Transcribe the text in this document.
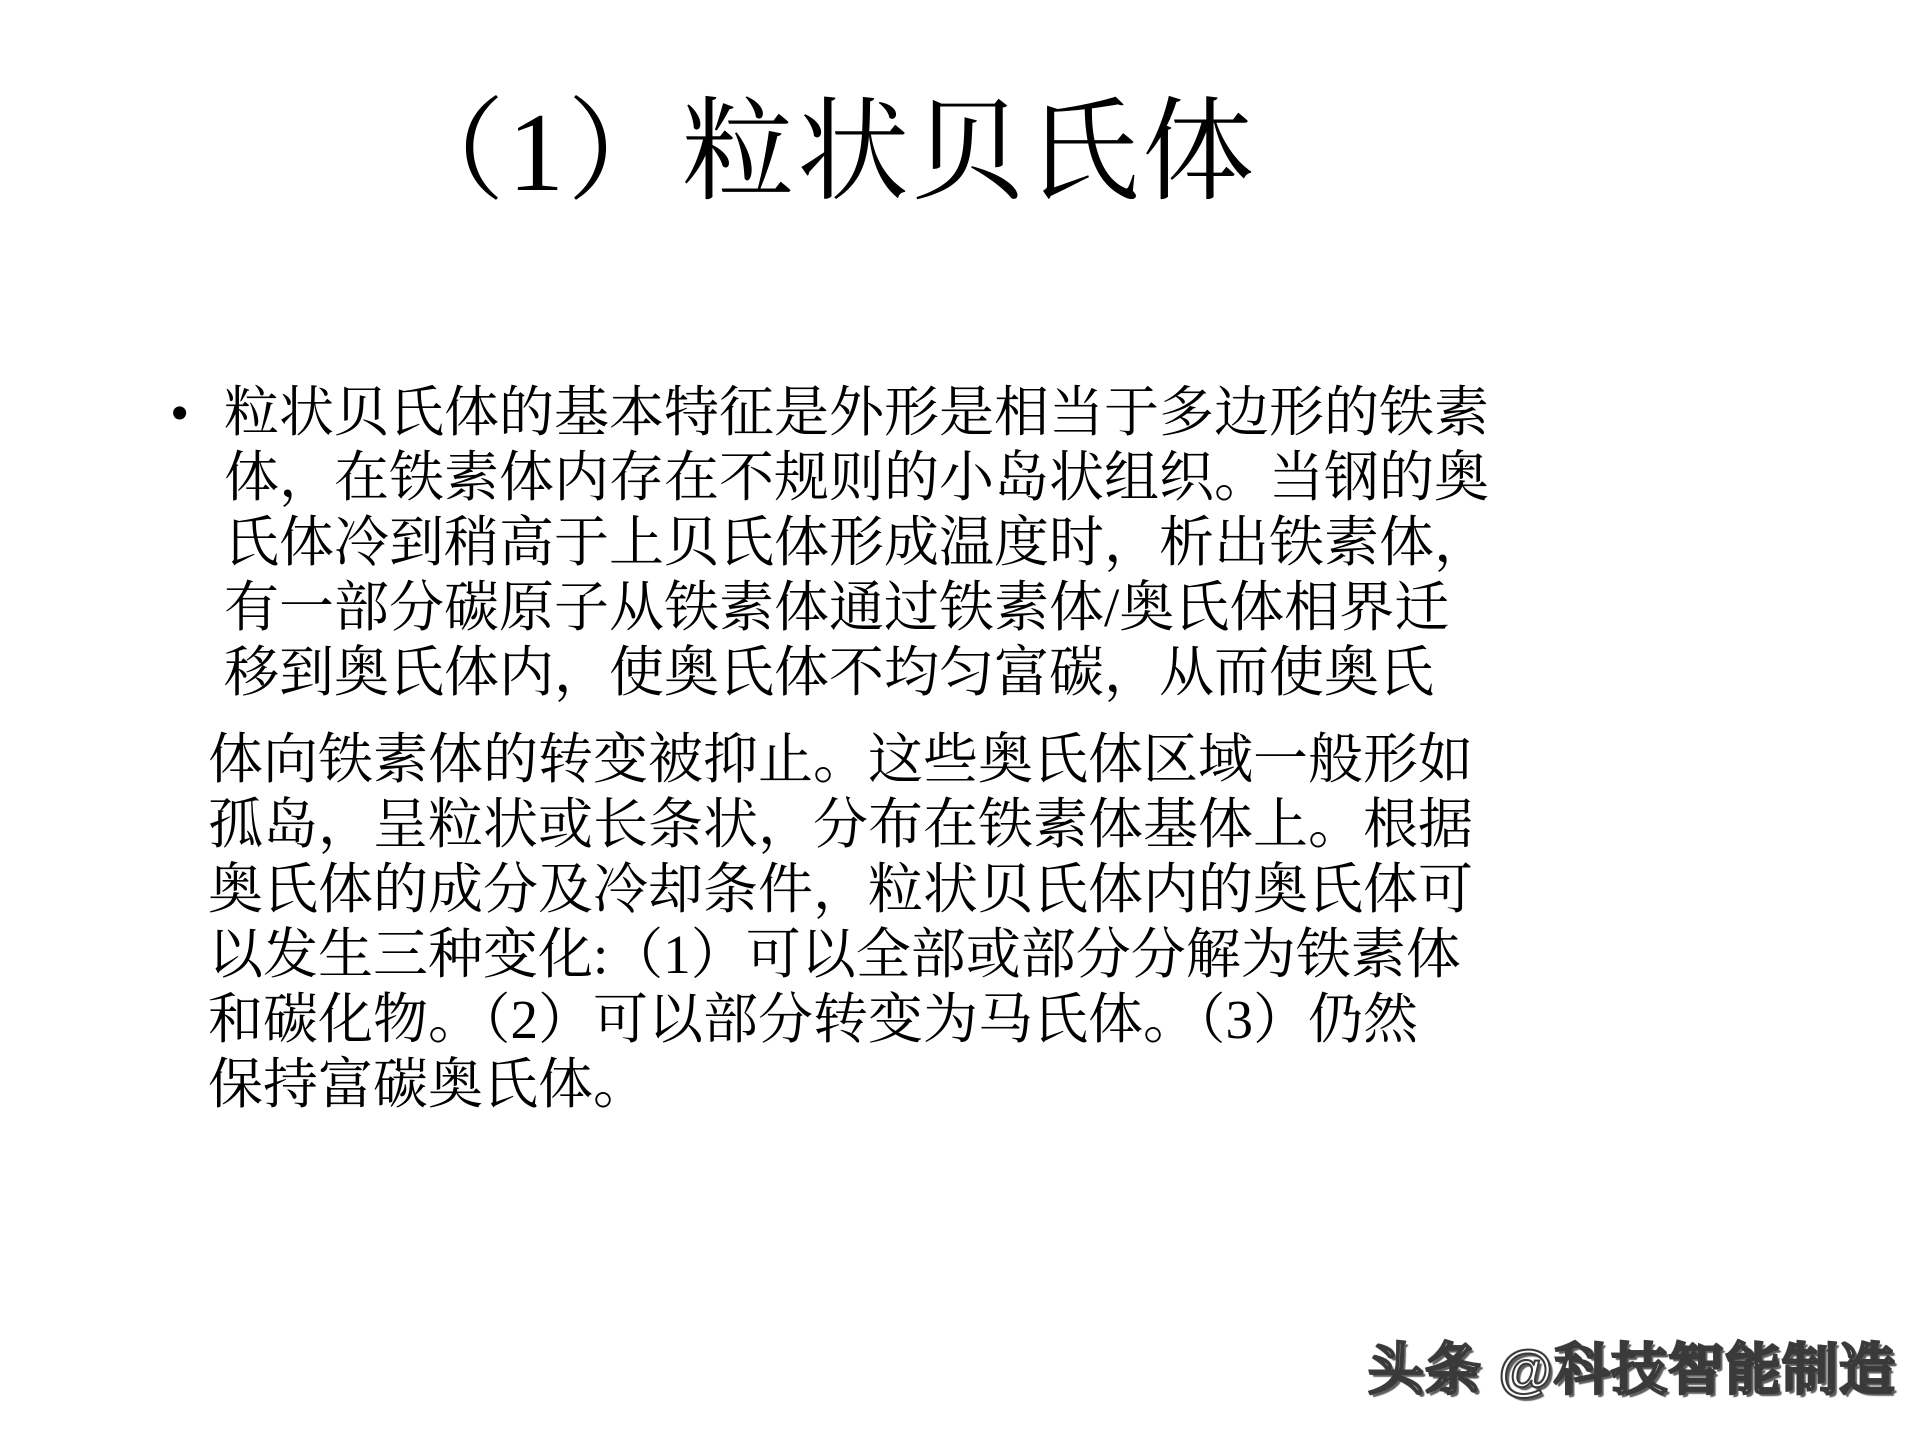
（1）粒状贝氏体
• 粒状贝氏体的基本特征是外形是相当于多边形的铁素
体，在铁素体内存在不规则的小岛状组织。当钢的奥
氏体冷到稍高于上贝氏体形成温度时，析出铁素体，
有一部分碳原子从铁素体通过铁素体/奥氏体相界迁
移到奥氏体内，使奥氏体不均匀富碳，从而使奥氏
体向铁素体的转变被抑止。这些奥氏体区域一般形如
孤岛，呈粒状或长条状，分布在铁素体基体上。根据
奥氏体的成分及冷却条件，粒状贝氏体内的奥氏体可
以发生三种变化:（1）可以全部或部分分解为铁素体
和碳化物。（2）可以部分转变为马氏体。（3）仍然
保持富碳奥氏体。
头条 @科技智能制造
